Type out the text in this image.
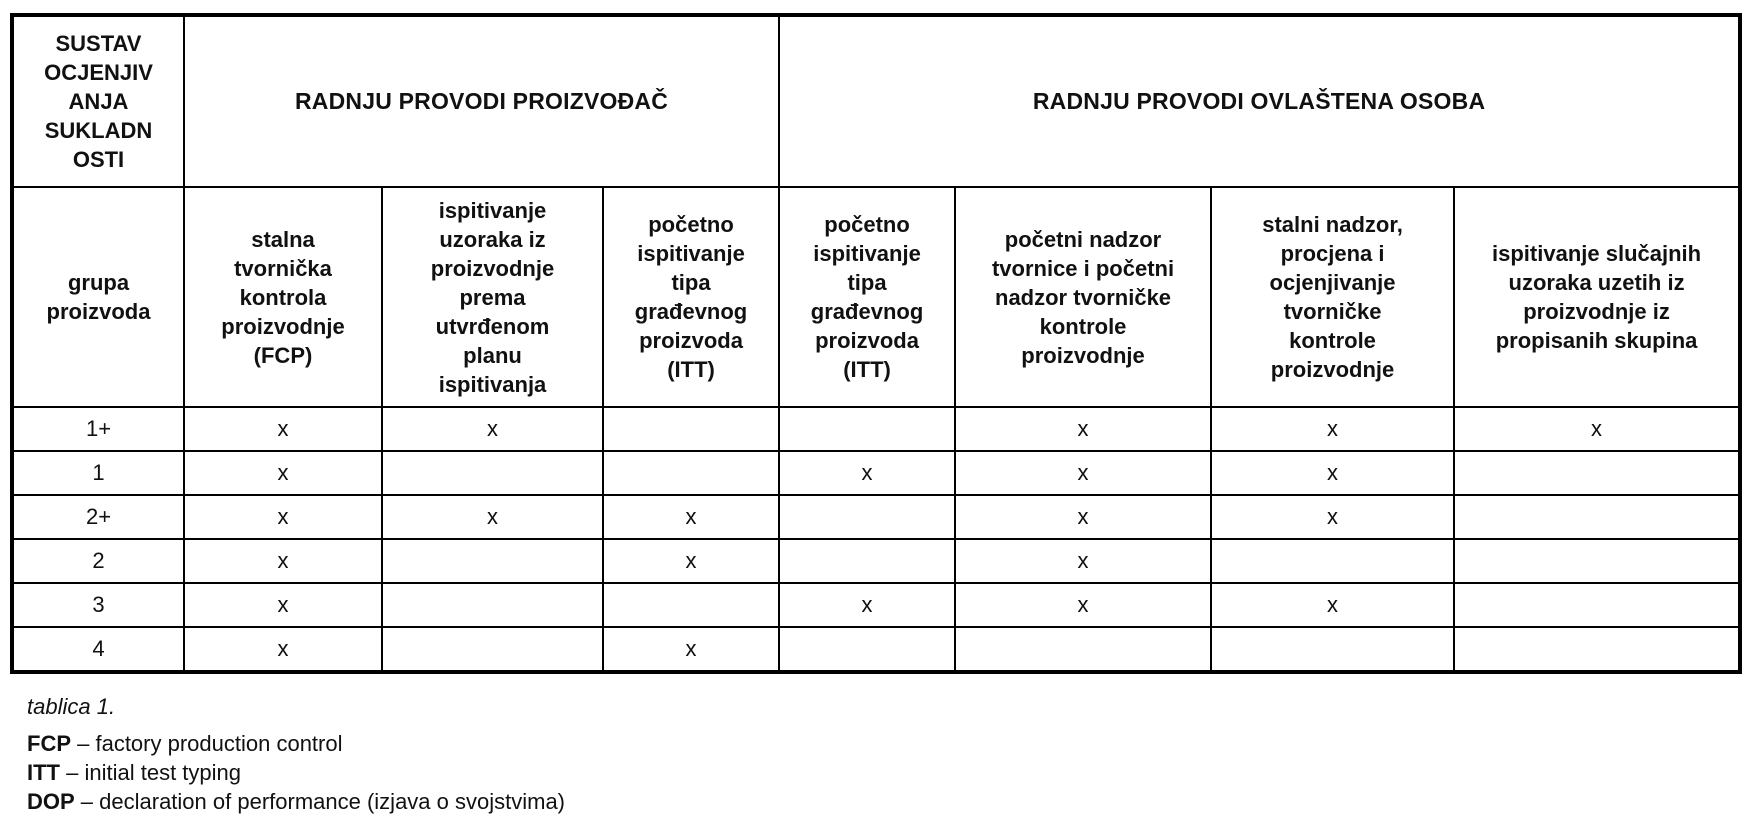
SUSTAV OCJENJIV ANJA SUKLADN OSTI	RADNJU PROVODI PROIZVOĐAČ			RADNJU PROVODI OVLAŠTENA OSOBA			
grupa proizvoda	stalna tvornička kontrola proizvodnje (FCP)	ispitivanje uzoraka iz proizvodnje prema utvrđenom planu ispitivanja	početno ispitivanje tipa građevnog proizvoda (ITT)	početno ispitivanje tipa građevnog proizvoda (ITT)	početni nadzor tvornice i početni nadzor tvorničke kontrole proizvodnje	stalni nadzor, procjena i ocjenjivanje tvorničke kontrole proizvodnje	ispitivanje slučajnih uzoraka uzetih iz proizvodnje iz propisanih skupina
1+	x	x			x	x	x
1	x			x	x	x	
2+	x	x	x		x	x	
2	x		x		x		
3	x			x	x	x	
4	x		x				
tablica 1.
FCP – factory production control
ITT – initial test typing
DOP – declaration of performance (izjava o svojstvima)
